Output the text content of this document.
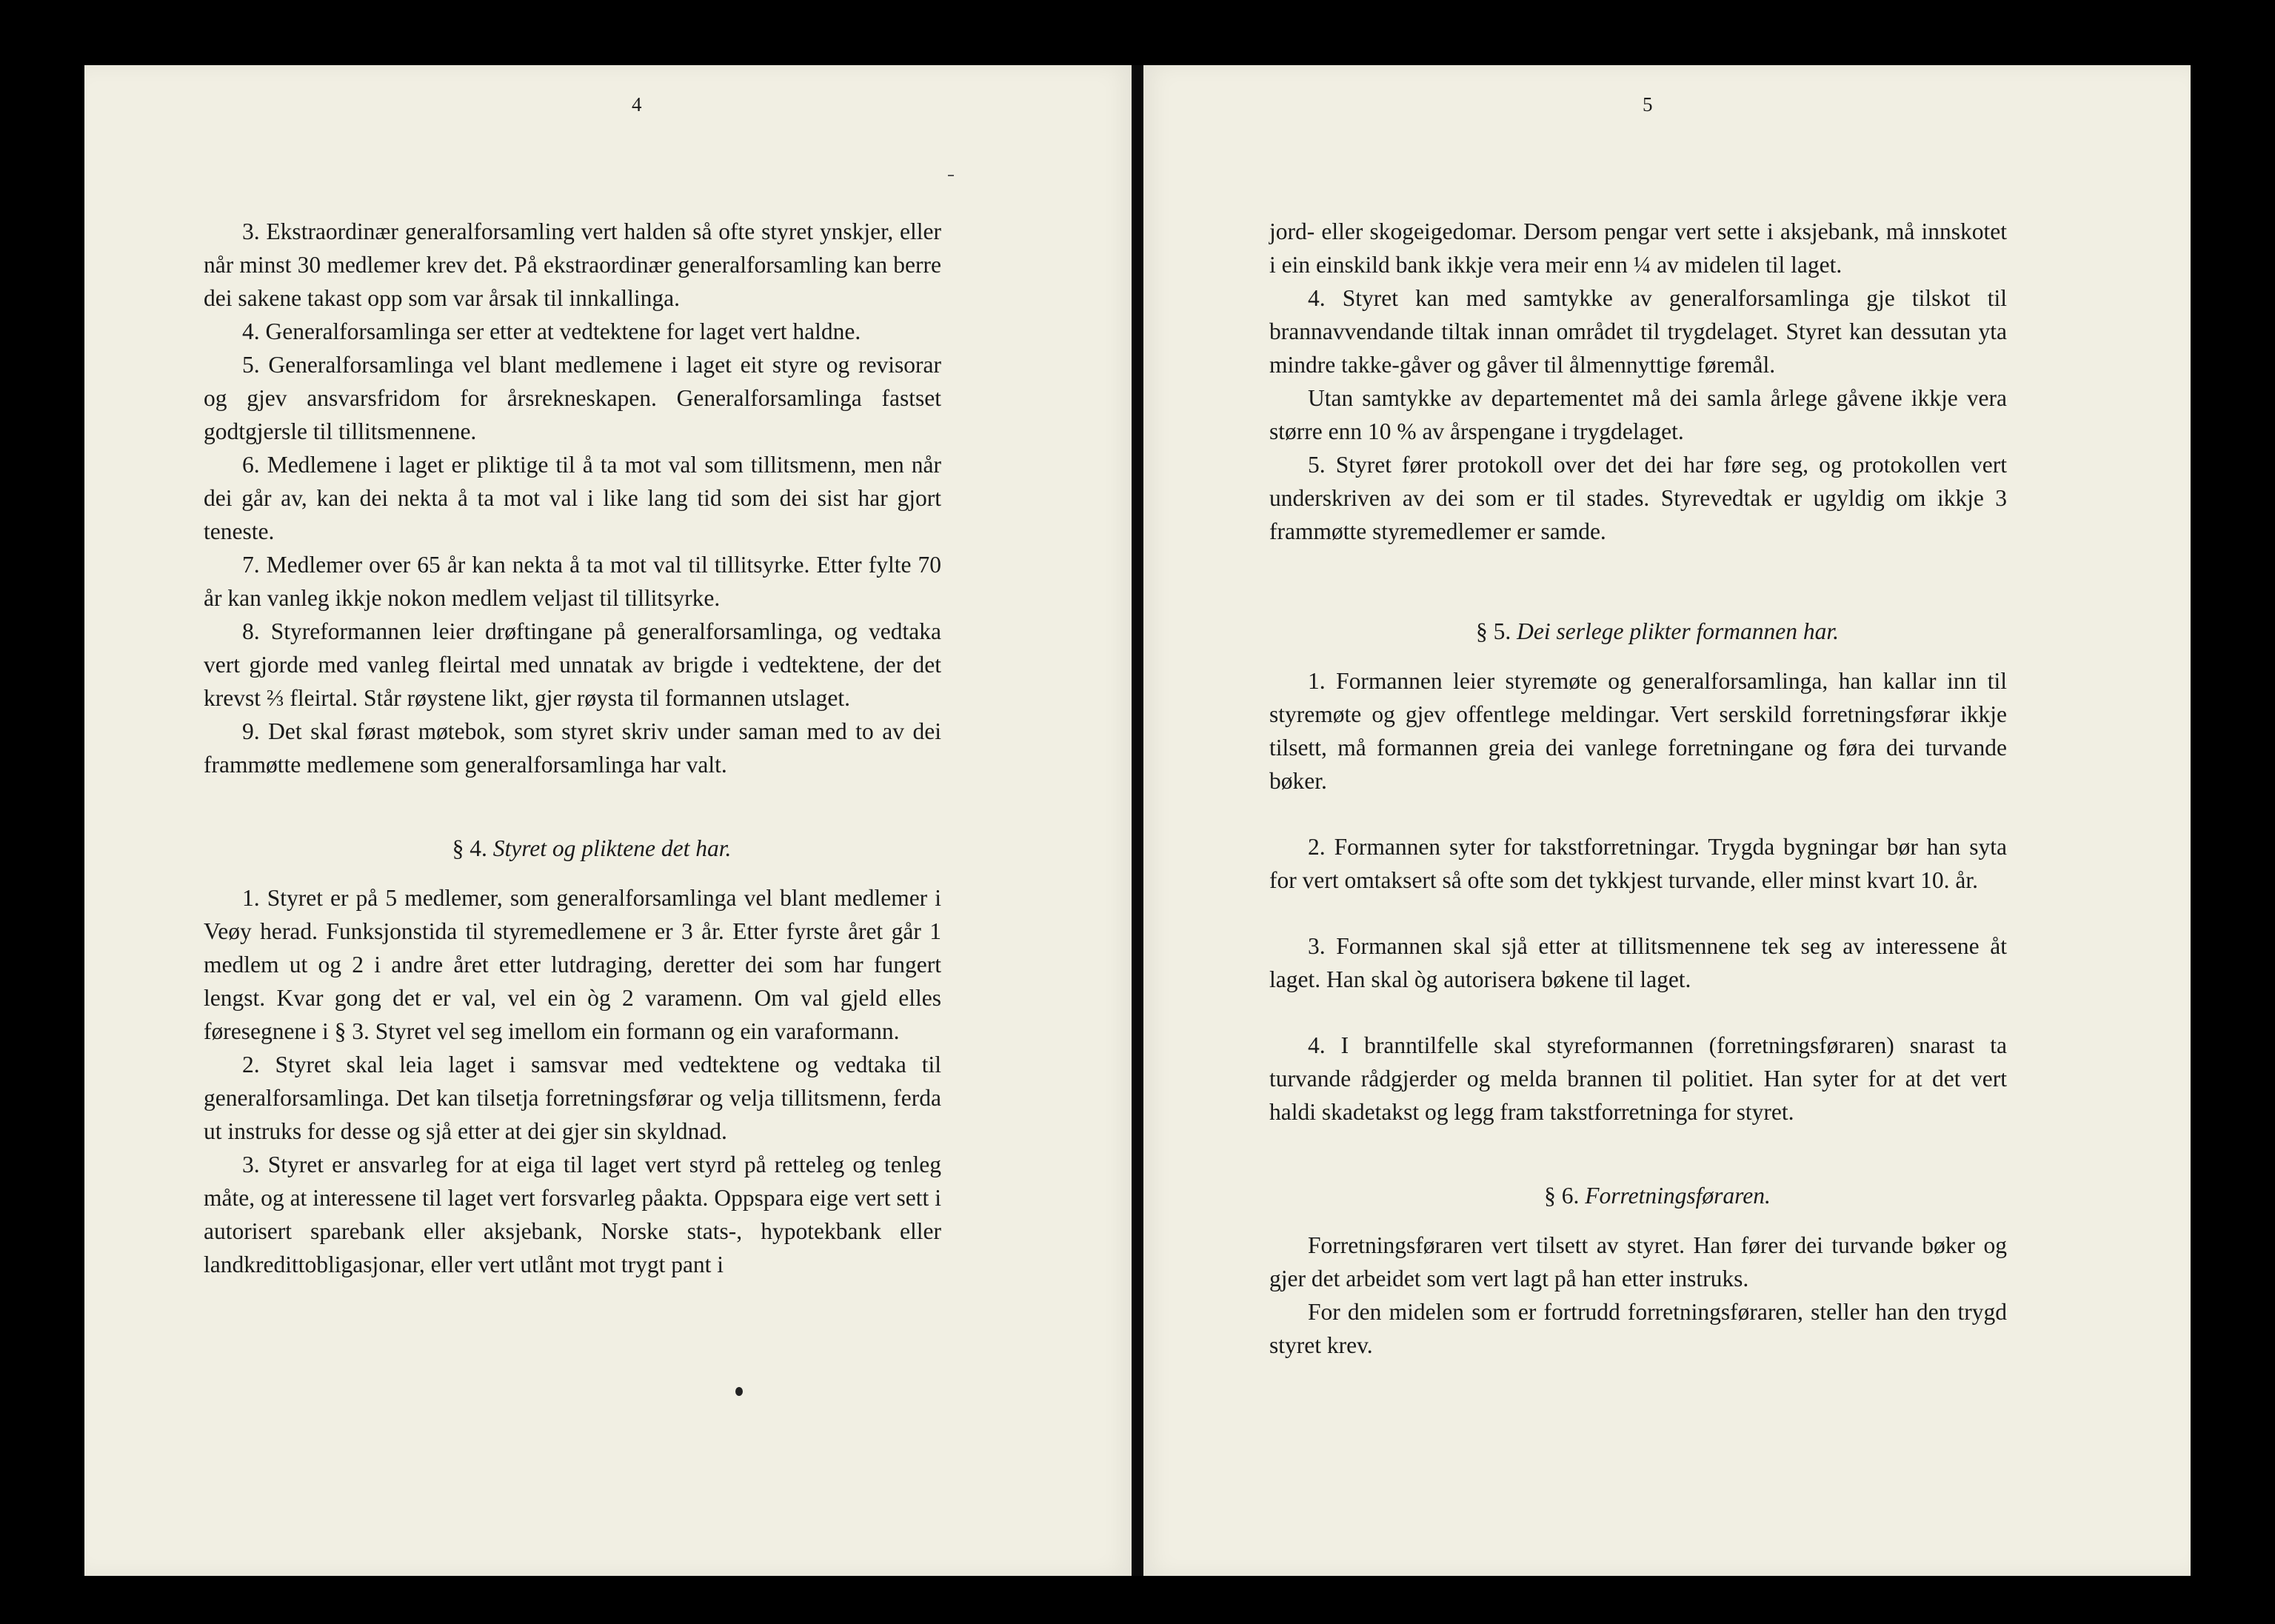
4	5

3. Ekstraordinær generalforsamling vert halden så ofte styret ynskjer, eller når minst 30 medlemer krev det. På ekstraordinær generalforsamling kan berre dei sakene takast opp som var årsak til innkallinga.

4. Generalforsamlinga ser etter at vedtektene for laget vert haldne.

5. Generalforsamlinga vel blant medlemene i laget eit styre og revisorar og gjev ansvarsfridom for årsrekneskapen. Generalforsamlinga fastset godtgjersle til tillitsmennene.

6. Medlemene i laget er pliktige til å ta mot val som tillitsmenn, men når dei går av, kan dei nekta å ta mot val i like lang tid som dei sist har gjort teneste.

7. Medlemer over 65 år kan nekta å ta mot val til tillitsyrke. Etter fylte 70 år kan vanleg ikkje nokon medlem veljast til tillitsyrke.

8. Styreformannen leier drøftingane på generalforsamlinga, og vedtaka vert gjorde med vanleg fleirtal med unnatak av brigde i vedtektene, der det krevst ⅔ fleirtal. Står røystene likt, gjer røysta til formannen utslaget.

9. Det skal førast møtebok, som styret skriv under saman med to av dei frammøtte medlemene som generalforsamlinga har valt.

§ 4. Styret og pliktene det har.

1. Styret er på 5 medlemer, som generalforsamlinga vel blant medlemer i Veøy herad. Funksjonstida til styremedlemene er 3 år. Etter fyrste året går 1 medlem ut og 2 i andre året etter lutdraging, deretter dei som har fungert lengst. Kvar gong det er val, vel ein òg 2 varamenn. Om val gjeld elles føresegnene i § 3. Styret vel seg imellom ein formann og ein varaformann.

2. Styret skal leia laget i samsvar med vedtektene og vedtaka til generalforsamlinga. Det kan tilsetja forretningsførar og velja tillitsmenn, ferda ut instruks for desse og sjå etter at dei gjer sin skyldnad.

3. Styret er ansvarleg for at eiga til laget vert styrd på retteleg og tenleg måte, og at interessene til laget vert forsvarleg påakta. Oppsparа eige vert sett i autorisert sparebank eller aksjebank, Norske stats-, hypotekbank eller landkredittobligasjonar, eller vert utlånt mot trygt pant i

jord- eller skogeigedomar. Dersom pengar vert sette i aksjebank, må innskotet i ein einskild bank ikkje vera meir enn ¼ av midelen til laget.

4. Styret kan med samtykke av generalforsamlinga gje tilskot til brannavvendande tiltak innan området til trygdelaget. Styret kan dessutan yta mindre takke-gåver og gåver til ålmennyttige føremål.

Utan samtykke av departementet må dei samla årlege gåvene ikkje vera større enn 10 % av årspengane i trygdelaget.

5. Styret fører protokoll over det dei har føre seg, og protokollen vert underskriven av dei som er til stades. Styrevedtak er ugyldig om ikkje 3 frammøtte styremedlemer er samde.

§ 5. Dei serlege plikter formannen har.

1. Formannen leier styremøte og generalforsamlinga, han kallar inn til styremøte og gjev offentlege meldingar. Vert serskild forretningsførar ikkje tilsett, må formannen greia dei vanlege forretningane og føra dei turvande bøker.

2. Formannen syter for takstforretningar. Trygda bygningar bør han syta for vert omtaksert så ofte som det tykkjest turvande, eller minst kvart 10. år.

3. Formannen skal sjå etter at tillitsmennene tek seg av interessene åt laget. Han skal òg autorisera bøkene til laget.

4. I branntilfelle skal styreformannen (forretningsføraren) snarast ta turvande rådgjerder og melda brannen til politiet. Han syter for at det vert haldi skadetakst og legg fram takstforretninga for styret.

§ 6. Forretningsføraren.

Forretningsføraren vert tilsett av styret. Han fører dei turvande bøker og gjer det arbeidet som vert lagt på han etter instruks.

For den midelen som er fortrudd forretningsføraren, steller han den trygd styret krev.
